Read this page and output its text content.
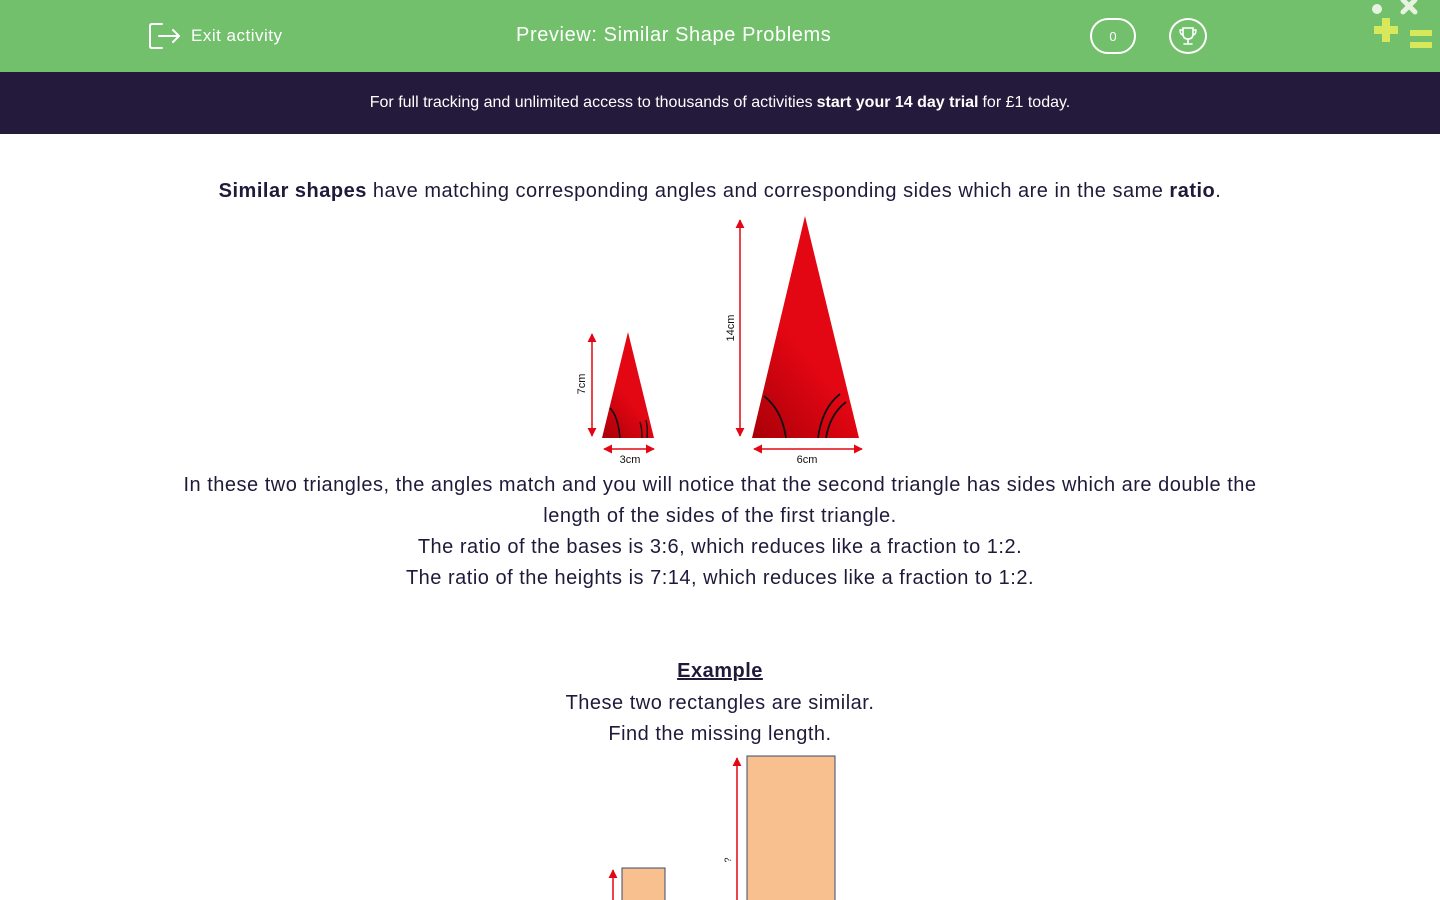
Exit activity	Preview: Similar Shape Problems	0
For full tracking and unlimited access to thousands of activities start your 14 day trial for £1 today.
Similar shapes have matching corresponding angles and corresponding sides which are in the same ratio.
7cm
3cm
14cm
6cm
In these two triangles, the angles match and you will notice that the second triangle has sides which are double the
length of the sides of the first triangle.
The ratio of the bases is 3:6, which reduces like a fraction to 1:2.
The ratio of the heights is 7:14, which reduces like a fraction to 1:2.
Example
These two rectangles are similar.
Find the missing length.
?
